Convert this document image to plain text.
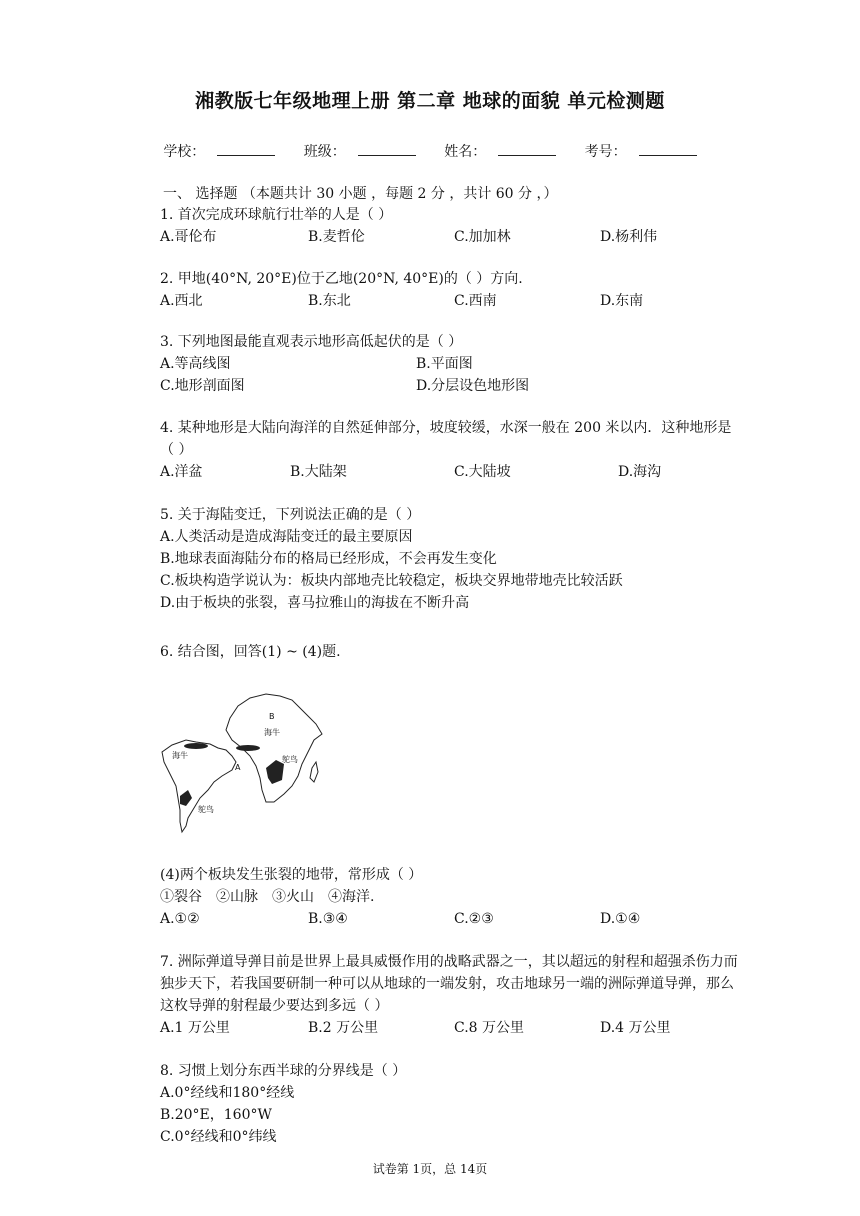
湘教版七年级地理上册 第二章 地球的面貌 单元检测题
学校：	班级：	姓名：	考号：
一、 选择题 （本题共计 30 小题 ，每题 2 分 ，共计 60 分 ，）
1. 首次完成环球航行壮举的人是（ ）
A.哥伦布	B.麦哲伦	C.加加林	D.杨利伟
2. 甲地(40°N, 20°E)位于乙地(20°N, 40°E)的（ ）方向.
A.西北	B.东北	C.西南	D.东南
3. 下列地图最能直观表示地形高低起伏的是（ ）
A.等高线图	B.平面图
C.地形剖面图	D.分层设色地形图
4. 某种地形是大陆向海洋的自然延伸部分，坡度较缓，水深一般在 200 米以内．这种地形是（ ）
A.洋盆	B.大陆架	C.大陆坡	D.海沟
5. 关于海陆变迁，下列说法正确的是（ ）
A.人类活动是造成海陆变迁的最主要原因
B.地球表面海陆分布的格局已经形成，不会再发生变化
C.板块构造学说认为：板块内部地壳比较稳定，板块交界地带地壳比较活跃
D.由于板块的张裂，喜马拉雅山的海拔在不断升高
6. 结合图，回答(1) ~ (4)题.
B
A
海牛
海牛	鸵鸟
鸵鸟
(4)两个板块发生张裂的地带，常形成（ ）
①裂谷　②山脉　③火山　④海洋.
A.①②	B.③④	C.②③	D.①④
7. 洲际弹道导弹目前是世界上最具威慑作用的战略武器之一，其以超远的射程和超强杀伤力而独步天下，若我国要研制一种可以从地球的一端发射，攻击地球另一端的洲际弹道导弹，那么这枚导弹的射程最少要达到多远（ ）
A.1 万公里	B.2 万公里	C.8 万公里	D.4 万公里
8. 习惯上划分东西半球的分界线是（ ）
A.0°经线和180°经线
B.20°E，160°W
C.0°经线和0°纬线
试卷第 1页，总 14页
